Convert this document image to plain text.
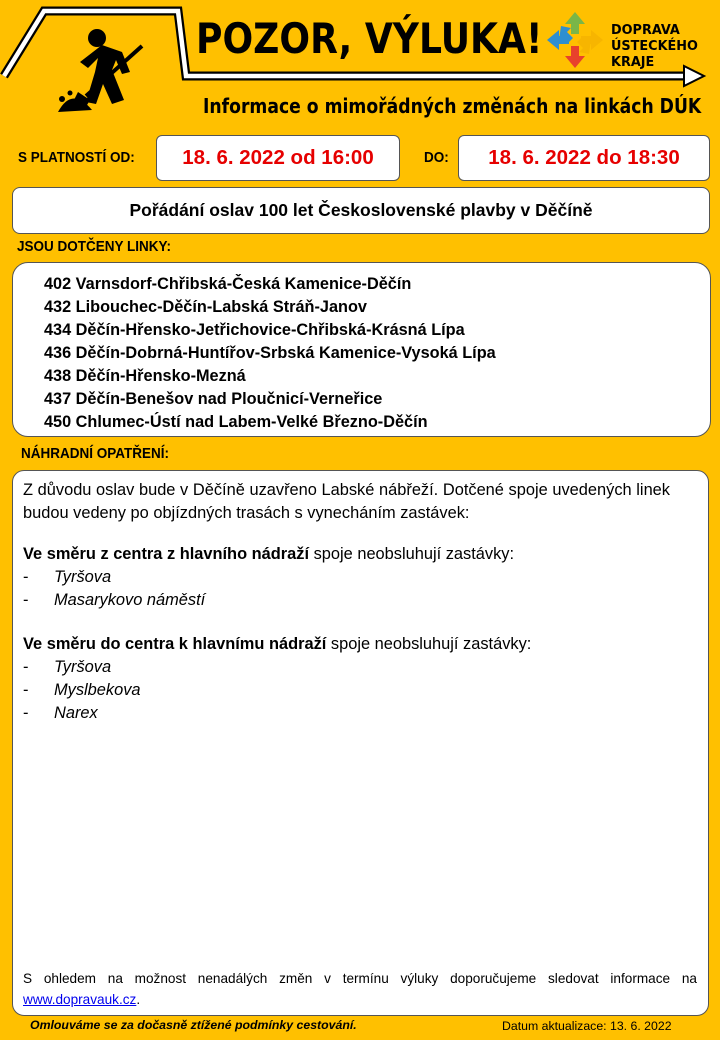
POZOR, VÝLUKA!
Informace o mimořádných změnách na linkách DÚK
DOPRAVA
ÚSTECKÉHO
KRAJE
S PLATNOSTÍ OD:	18. 6. 2022 od 16:00	DO:	18. 6. 2022 do 18:30
Pořádání oslav 100 let Československé plavby v Děčíně
JSOU DOTČENY LINKY:
402 Varnsdorf-Chřibská-Česká Kamenice-Děčín
432 Libouchec-Děčín-Labská Stráň-Janov
434 Děčín-Hřensko-Jetřichovice-Chřibská-Krásná Lípa
436 Děčín-Dobrná-Huntířov-Srbská Kamenice-Vysoká Lípa
438 Děčín-Hřensko-Mezná
437 Děčín-Benešov nad Ploučnicí-Verneřice
450 Chlumec-Ústí nad Labem-Velké Březno-Děčín
NÁHRADNÍ OPATŘENÍ:
Z důvodu oslav bude v Děčíně uzavřeno Labské nábřeží. Dotčené spoje uvedených linek budou vedeny po objízdných trasách s vynecháním zastávek:
Ve směru z centra z hlavního nádraží spoje neobsluhují zastávky:
- Tyršova
- Masarykovo náměstí
Ve směru do centra k hlavnímu nádraží spoje neobsluhují zastávky:
- Tyršova
- Myslbekova
- Narex
S ohledem na možnost nenadálých změn v termínu výluky doporučujeme sledovat informace na www.dopravauk.cz.
Omlouváme se za dočasně ztížené podmínky cestování.	Datum aktualizace: 13. 6. 2022
